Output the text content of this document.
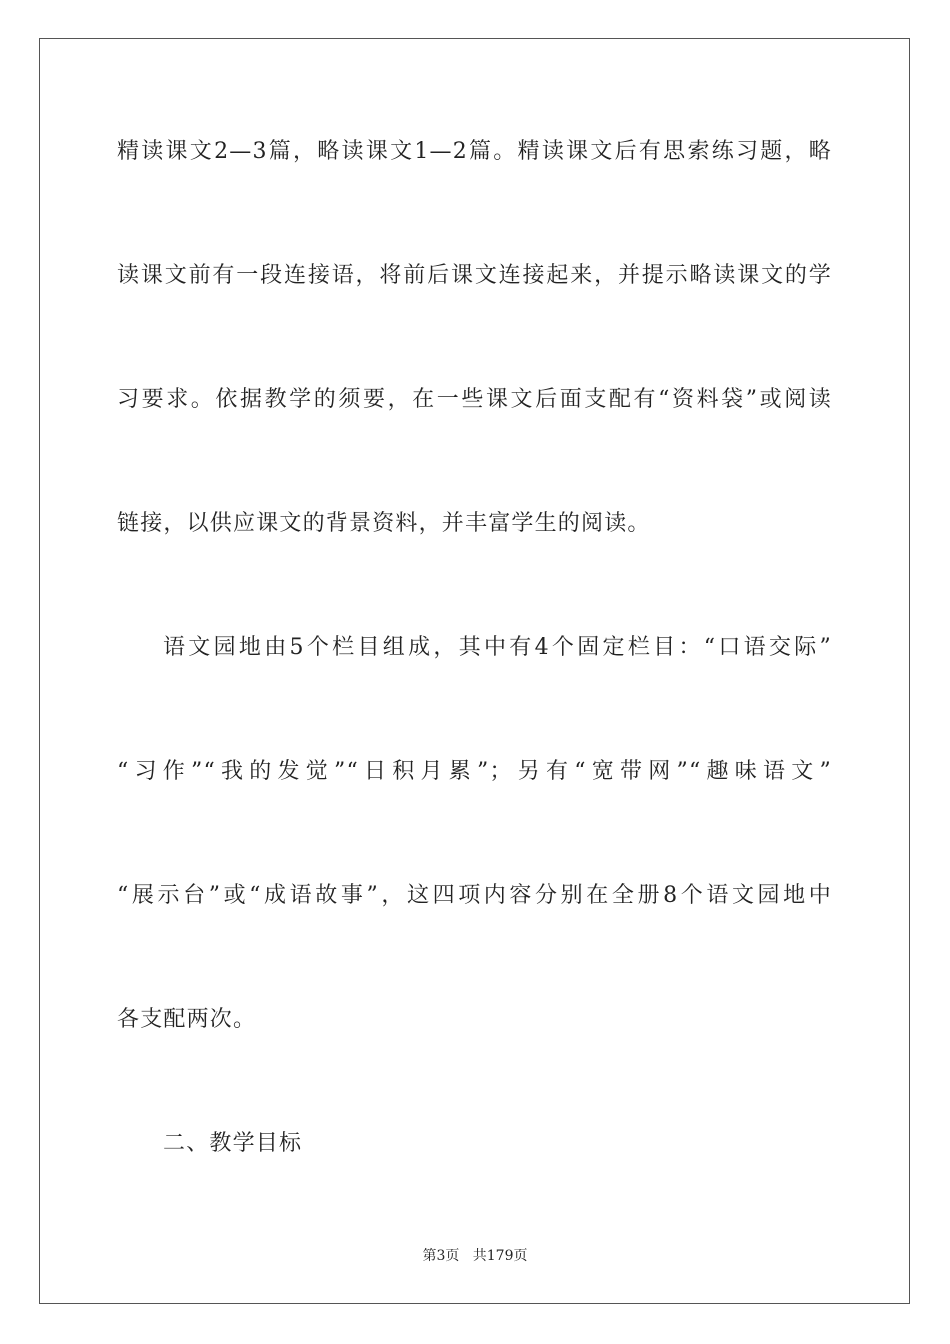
精读课文2—3篇，略读课文1—2篇。精读课文后有思索练习题，略
读课文前有一段连接语，将前后课文连接起来，并提示略读课文的学
习要求。依据教学的须要，在一些课文后面支配有“资料袋”或阅读
链接，以供应课文的背景资料，并丰富学生的阅读。
语文园地由5个栏目组成，其中有4个固定栏目：“口语交际”
“习作”“我的发觉”“日积月累”；另有“宽带网”“趣味语文”
“展示台”或“成语故事”，这四项内容分别在全册8个语文园地中
各支配两次。
二、教学目标
第3页 共179页
